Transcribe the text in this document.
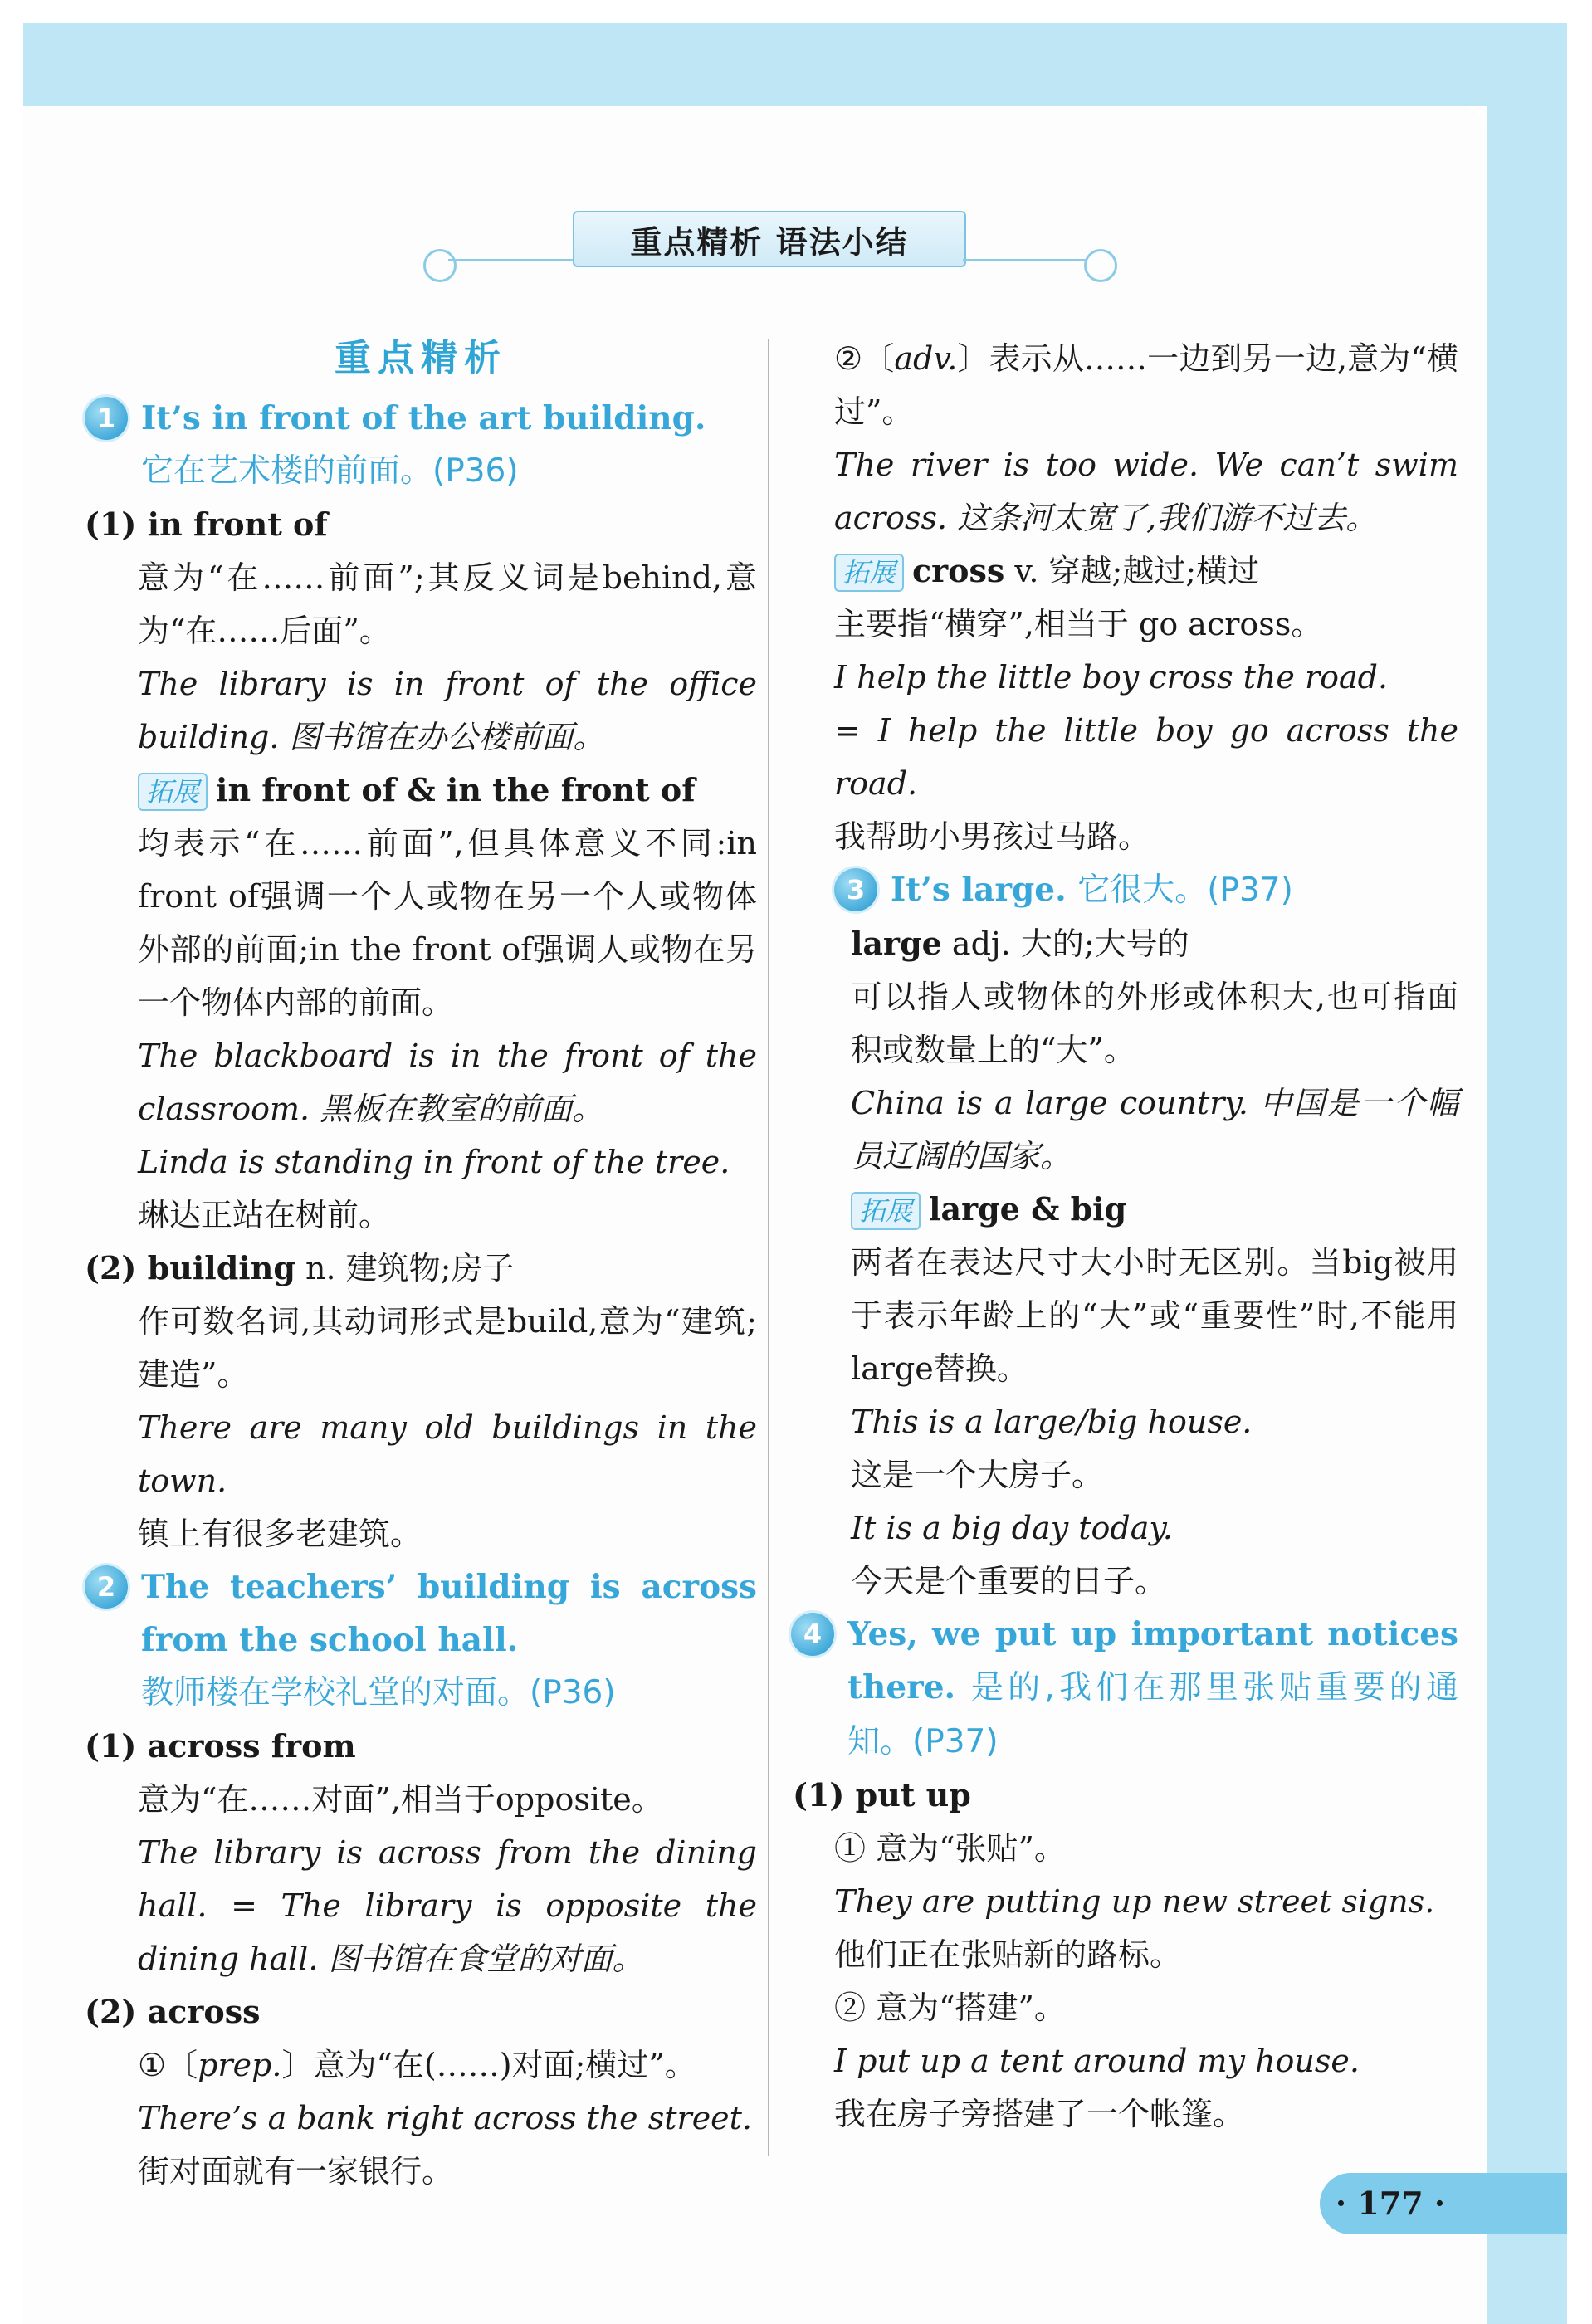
重点精析 语法小结
重点精析
1 It’s in front of the art building.
它在艺术楼的前面。(P36)
(1) in front of
意为“在……前面”;其反义词是behind,意为“在……后面”。
The library is in front of the office building. 图书馆在办公楼前面。
拓展 in front of & in the front of
均表示“在……前面”,但具体意义不同:in front of强调一个人或物在另一个人或物体外部的前面;in the front of强调人或物在另一个物体内部的前面。
The blackboard is in the front of the classroom. 黑板在教室的前面。
Linda is standing in front of the tree.
琳达正站在树前。
(2) building n. 建筑物;房子
作可数名词,其动词形式是build,意为“建筑;建造”。
There are many old buildings in the town.
镇上有很多老建筑。
2 The teachers’ building is across from the school hall.
教师楼在学校礼堂的对面。(P36)
(1) across from
意为“在……对面”,相当于opposite。
The library is across from the dining hall. = The library is opposite the dining hall. 图书馆在食堂的对面。
(2) across
①〔prep.〕意为“在(……)对面;横过”。
There’s a bank right across the street.
街对面就有一家银行。
②〔adv.〕表示从……一边到另一边,意为“横过”。
The river is too wide. We can’t swim across. 这条河太宽了,我们游不过去。
拓展 cross v. 穿越;越过;横过
主要指“横穿”,相当于 go across。
I help the little boy cross the road.
= I help the little boy go across the road.
我帮助小男孩过马路。
3 It’s large. 它很大。(P37)
large adj. 大的;大号的
可以指人或物体的外形或体积大,也可指面积或数量上的“大”。
China is a large country. 中国是一个幅员辽阔的国家。
拓展 large & big
两者在表达尺寸大小时无区别。当big被用于表示年龄上的“大”或“重要性”时,不能用large替换。
This is a large/big house.
这是一个大房子。
It is a big day today.
今天是个重要的日子。
4 Yes, we put up important notices there. 是的,我们在那里张贴重要的通知。(P37)
(1) put up
① 意为“张贴”。
They are putting up new street signs.
他们正在张贴新的路标。
② 意为“搭建”。
I put up a tent around my house.
我在房子旁搭建了一个帐篷。
· 177 ·
